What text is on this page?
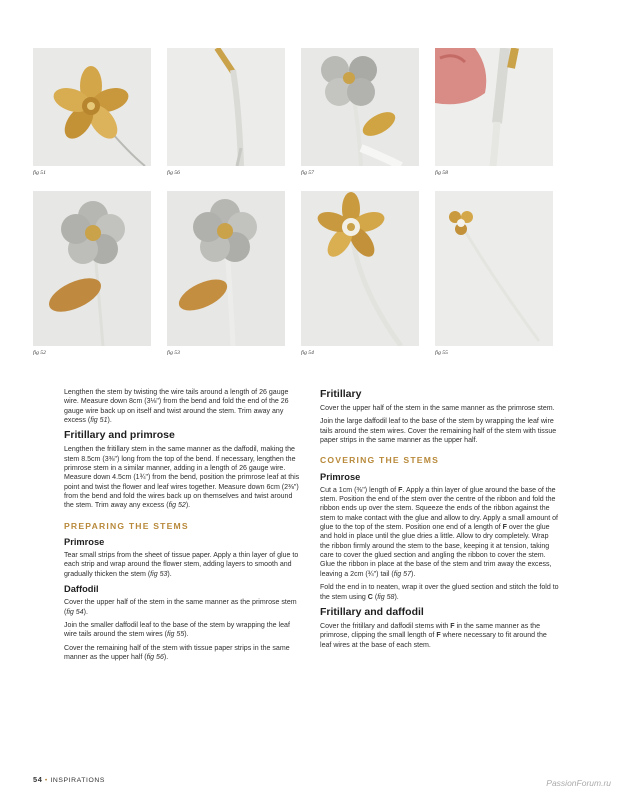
fig 51	fig 56	fig 57	fig 58
fig 52	fig 53	fig 54	fig 55

Lengthen the stem by twisting the wire tails around a length of 26 gauge wire. Measure down 8cm (3⅛") from the bend and fold the end of the 26 gauge wire back up on itself and twist around the stem. Trim away any excess (fig 51).

Fritillary and primrose

Lengthen the fritillary stem in the same manner as the daffodil, making the stem 8.5cm (3⅜") long from the top of the bend. If necessary, lengthen the primrose stem in a similar manner, adding in a length of 26 gauge wire. Measure down 4.5cm (1¾") from the bend, position the primrose leaf at this point and twist the flower and leaf wires together. Measure down 6cm (2⅜") from the bend and fold the wires back up on themselves and twist around the stem. Trim away any excess (fig 52).

PREPARING THE STEMS
Primrose

Tear small strips from the sheet of tissue paper. Apply a thin layer of glue to each strip and wrap around the flower stem, adding layers to smooth and gradually thicken the stem (fig 53).

Daffodil

Cover the upper half of the stem in the same manner as the primrose stem (fig 54).

Join the smaller daffodil leaf to the base of the stem by wrapping the leaf wire tails around the stem wires (fig 55).

Cover the remaining half of the stem with tissue paper strips in the same manner as the upper half (fig 56).

Fritillary

Cover the upper half of the stem in the same manner as the primrose stem.

Join the large daffodil leaf to the base of the stem by wrapping the leaf wire tails around the stem wires. Cover the remaining half of the stem with tissue paper strips in the same manner as the upper half.

COVERING THE STEMS
Primrose

Cut a 1cm (⅜") length of F. Apply a thin layer of glue around the base of the stem. Position the end of the stem over the centre of the ribbon and fold the ribbon ends up over the stem. Squeeze the ends of the ribbon against the stem to make contact with the glue and allow to dry. Apply a small amount of glue to the top of the stem. Position one end of a length of F over the glue and hold in place until the glue dries a little. Allow to dry completely. Wrap the ribbon firmly around the stem to the base, keeping it at tension, taking care to cover the glued section and angling the ribbon to cover the stem. Glue the ribbon in place at the base of the stem and trim away the excess, leaving a 2cm (¾") tail (fig 57).

Fold the end in to neaten, wrap it over the glued section and stitch the fold to the stem using C (fig 58).

Fritillary and daffodil

Cover the fritillary and daffodil stems with F in the same manner as the primrose, clipping the small length of F where necessary to fit around the leaf wires at the base of each stem.

54 • INSPIRATIONS	PassionForum.ru
